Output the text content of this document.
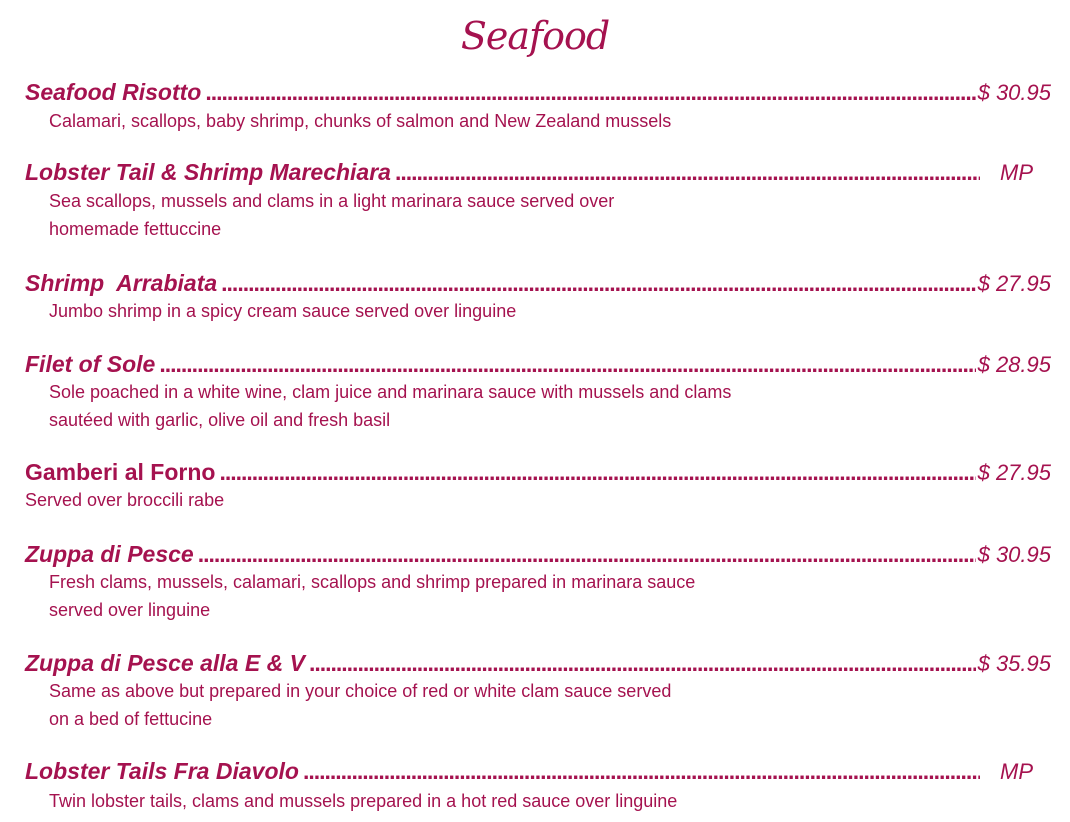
Seafood
Seafood Risotto .....	$ 30.95
Calamari, scallops, baby shrimp, chunks of salmon and New Zealand mussels
Lobster Tail & Shrimp Marechiara .....	MP
Sea scallops, mussels and clams in a light marinara sauce served over
homemade fettuccine
Shrimp  Arrabiata .....	$ 27.95
Jumbo shrimp in a spicy cream sauce served over linguine
Filet of Sole .....	$ 28.95
Sole poached in a white wine, clam juice and marinara sauce with mussels and clams
sautéed with garlic, olive oil and fresh basil
Gamberi al Forno .....	$ 27.95
Served over broccili rabe
Zuppa di Pesce .....	$ 30.95
Fresh clams, mussels, calamari, scallops and shrimp prepared in marinara sauce
served over linguine
Zuppa di Pesce alla E & V .....	$ 35.95
Same as above but prepared in your choice of red or white clam sauce served
on a bed of fettucine
Lobster Tails Fra Diavolo .....	MP
Twin lobster tails, clams and mussels prepared in a hot red sauce over linguine
